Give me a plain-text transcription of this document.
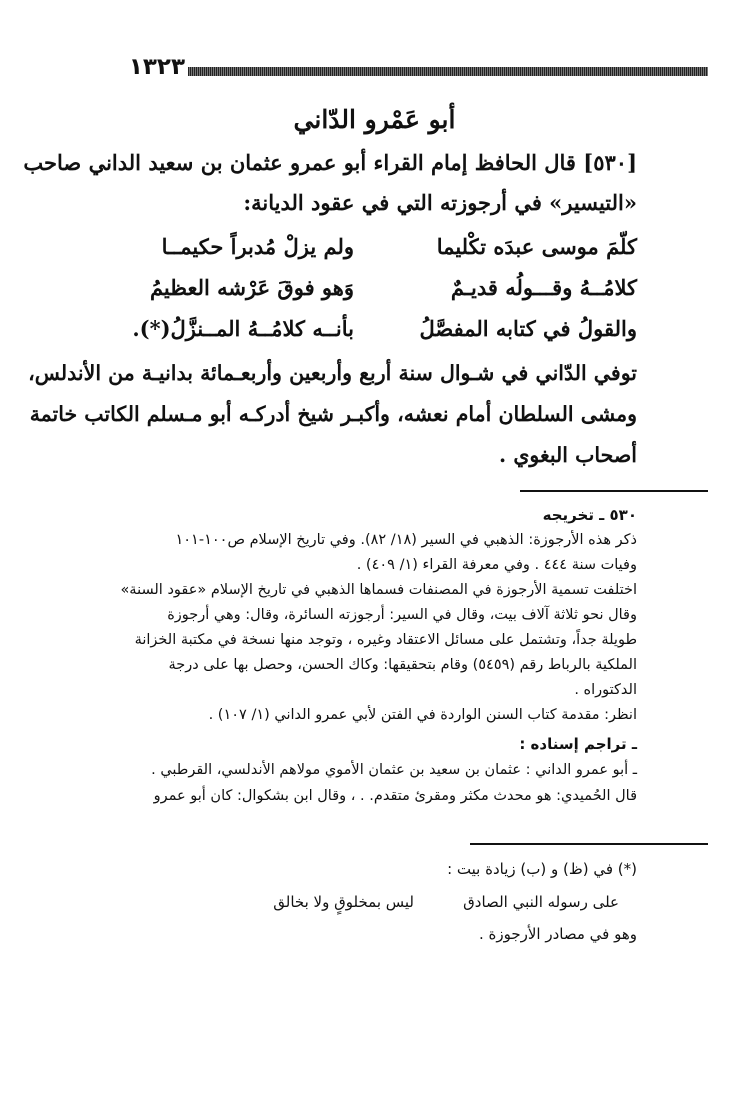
١٣٢٣
أبو عَمْرو الدّاني
[٥٣٠] قال الحافظ إمام القراء أبو عمرو عثمان بن سعيد الداني صاحب
«التيسير» في أرجوزته التي في عقود الديانة:
كلّمَ موسى عبدَه تكْليما
ولم يزلْ مُدبراً حكيمــا
كلامُــهُ وقـــولُه قديـمٌ
وَهو فوقَ عَرْشه العظيمُ
والقولُ في كتابه المفصَّلُ
بأنــه كلامُــهُ المــنزَّلُ(*).
توفي الدّاني في شـوال سنة أربع وأربعين وأربعـمائة بدانيـة من الأندلس،
ومشى السلطان أمام نعشه، وأكبـر شيخ أدركـه أبو مـسلم الكاتب خاتمة
أصحاب البغوي .
٥٣٠ ـ تخريجه
ذكر هذه الأرجوزة: الذهبي في السير (١٨/ ٨٢). وفي تاريخ الإسلام ص١٠٠-١٠١
وفيات سنة ٤٤٤ . وفي معرفة القراء (١/ ٤٠٩) .
اختلفت تسمية الأرجوزة في المصنفات فسماها الذهبي في تاريخ الإسلام «عقود السنة»
وقال نحو ثلاثة آلاف بيت، وقال في السير: أرجوزته السائرة، وقال: وهي أرجوزة
طويلة جداً، وتشتمل على مسائل الاعتقاد وغيره ، وتوجد منها نسخة في مكتبة الخزانة
الملكية بالرباط رقم (٥٤٥٩) وقام بتحقيقها: وكاك الحسن، وحصل بها على درجة
الدكتوراه .
انظر: مقدمة كتاب السنن الواردة في الفتن لأبي عمرو الداني (١/ ١٠٧) .
ـ تراجم إسناده :
ـ أبو عمرو الداني : عثمان بن سعيد بن عثمان الأموي مولاهم الأندلسي، القرطبي .
قال الحُميدي: هو محدث مكثر ومقرئ متقدم. . ، وقال ابن بشكوال: كان أبو عمرو
(*) في (ظ) و (ب) زيادة بيت :
على رسوله النبي الصادق
ليس بمخلوقٍ ولا بخالق
وهو في مصادر الأرجوزة .
